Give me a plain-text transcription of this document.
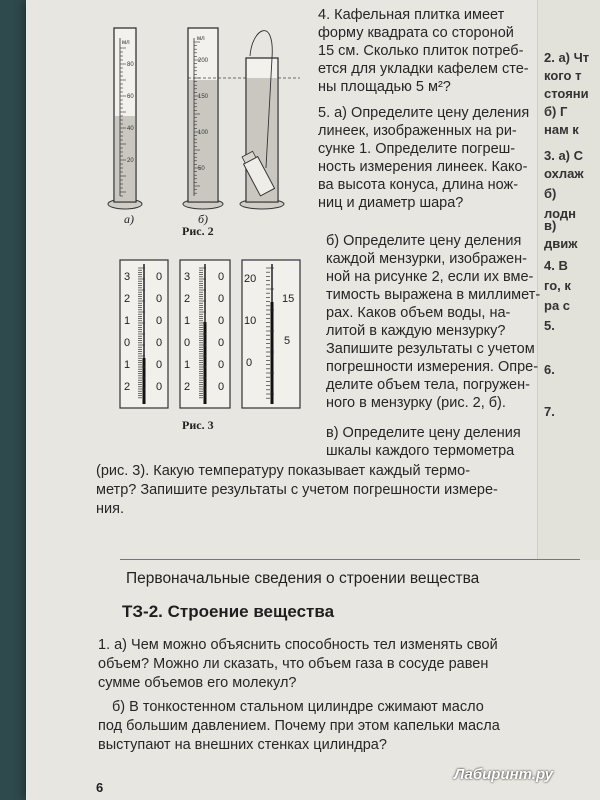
2. а) Чт
кого т
стояни
б) Г
нам к
3. а) С
охлаж
б)
лодн
в)
движ
4. В
го, к
ра с
5.
6.
7.
4. Кафельная плитка имеет
форму квадрата со стороной
15 см. Сколько плиток потреб-
ется для укладки кафелем сте-
ны площадью 5 м²?
5. а) Определите цену деления
линеек, изображенных на ри-
сунке 1. Определите погреш-
ность измерения линеек. Како-
ва высота конуса, длина нож-
ниц и диаметр шара?
б) Определите цену деления
каждой мензурки, изображен-
ной на рисунке 2, если их вме-
тимость выражена в миллимет-
рах. Каков объем воды, на-
литой в каждую мензурку?
Запишите результаты с учетом
погрешности измерения. Опре-
делите объем тела, погружен-
ного в мензурку (рис. 2, б).
в) Определите цену деления
шкалы каждого термометра
(рис. 3). Какую температуру показывает каждый термо-
метр? Запишите результаты с учетом погрешности измере-
ния.
мл
80
60
40
20
мл
200
150
100
50
а)	б)
Рис. 2
3
2
1
0
1
2
0
0
0
0
0
0
3
2
1
0
1
2
0
0
0
0
0
0
20
10
0
15
5
Рис. 3
Первоначальные сведения о строении вещества
ТЗ-2. Строение вещества
1. а) Чем можно объяснить способность тел изменять свой
объем? Можно ли сказать, что объем газа в сосуде равен
сумме объемов его молекул?
б) В тонкостенном стальном цилиндре сжимают масло
под большим давлением. Почему при этом капельки масла
выступают на внешних стенках цилиндра?
6
Лабиринт.ру
